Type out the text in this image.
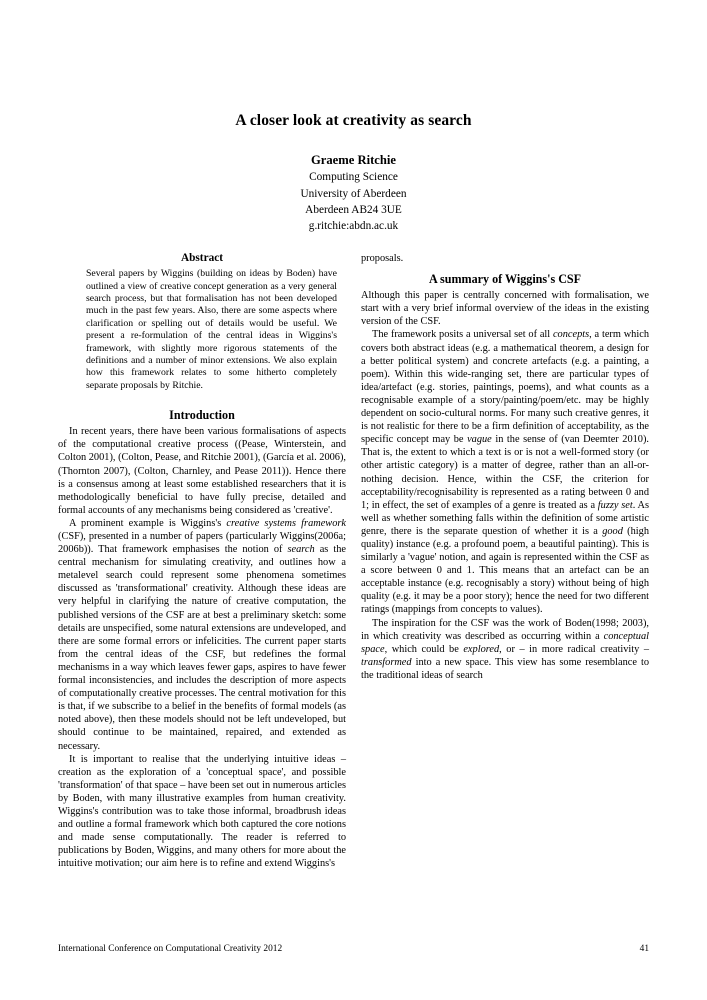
A closer look at creativity as search
Graeme Ritchie
Computing Science
University of Aberdeen
Aberdeen AB24 3UE
g.ritchie:abdn.ac.uk
Abstract
Several papers by Wiggins (building on ideas by Boden) have outlined a view of creative concept generation as a very general search process, but that formalisation has not been developed much in the past few years. Also, there are some aspects where clarification or spelling out of details would be useful. We present a re-formulation of the central ideas in Wiggins's framework, with slightly more rigorous statements of the definitions and a number of minor extensions. We also explain how this framework relates to some hitherto completely separate proposals by Ritchie.
Introduction

In recent years, there have been various formalisations of aspects of the computational creative process ((Pease, Winterstein, and Colton 2001), (Colton, Pease, and Ritchie 2001), (García et al. 2006), (Thornton 2007), (Colton, Charnley, and Pease 2011)). Hence there is a consensus among at least some established researchers that it is methodologically beneficial to have fully precise, detailed and formal accounts of any mechanisms being considered as 'creative'.

A prominent example is Wiggins's creative systems framework (CSF), presented in a number of papers (particularly Wiggins(2006a; 2006b)). That framework emphasises the notion of search as the central mechanism for simulating creativity, and outlines how a metalevel search could represent some phenomena sometimes discussed as 'transformational' creativity. Although these ideas are very helpful in clarifying the nature of creative computation, the published versions of the CSF are at best a preliminary sketch: some details are unspecified, some natural extensions are undeveloped, and there are some formal errors or infelicities. The current paper starts from the central ideas of the CSF, but redefines the formal mechanisms in a way which leaves fewer gaps, aspires to have fewer formal inconsistencies, and includes the description of more aspects of computationally creative processes. The central motivation for this is that, if we subscribe to a belief in the benefits of formal models (as noted above), then these models should not be left undeveloped, but should continue to be maintained, repaired, and extended as necessary.

It is important to realise that the underlying intuitive ideas – creation as the exploration of a 'conceptual space', and possible 'transformation' of that space – have been set out in numerous articles by Boden, with many illustrative examples from human creativity. Wiggins's contribution was to take those informal, broadbrush ideas and outline a formal framework which both captured the core notions and made sense computationally. The reader is referred to publications by Boden, Wiggins, and many others for more about the intuitive motivation; our aim here is to refine and extend Wiggins's

proposals.

A summary of Wiggins's CSF

Although this paper is centrally concerned with formalisation, we start with a very brief informal overview of the ideas in the existing version of the CSF.

The framework posits a universal set of all concepts, a term which covers both abstract ideas (e.g. a mathematical theorem, a design for a better political system) and concrete artefacts (e.g. a painting, a poem). Within this wide-ranging set, there are particular types of idea/artefact (e.g. stories, paintings, poems), and what counts as a recognisable example of a story/painting/poem/etc. may be highly dependent on socio-cultural norms. For many such creative genres, it is not realistic for there to be a firm definition of acceptability, as the specific concept may be vague in the sense of (van Deemter 2010). That is, the extent to which a text is or is not a well-formed story (or other artistic category) is a matter of degree, rather than an all-or-nothing decision. Hence, within the CSF, the criterion for acceptability/recognisability is represented as a rating between 0 and 1; in effect, the set of examples of a genre is treated as a fuzzy set. As well as whether something falls within the definition of some artistic genre, there is the separate question of whether it is a good (high quality) instance (e.g. a profound poem, a beautiful painting). This is similarly a 'vague' notion, and again is represented within the CSF as a score between 0 and 1. This means that an artefact can be an acceptable instance (e.g. recognisably a story) without being of high quality (e.g. it may be a poor story); hence the need for two different ratings (mappings from concepts to values).

The inspiration for the CSF was the work of Boden(1998; 2003), in which creativity was described as occurring within a conceptual space, which could be explored, or – in more radical creativity – transformed into a new space. This view has some resemblance to the traditional ideas of search

International Conference on Computational Creativity 2012	41
